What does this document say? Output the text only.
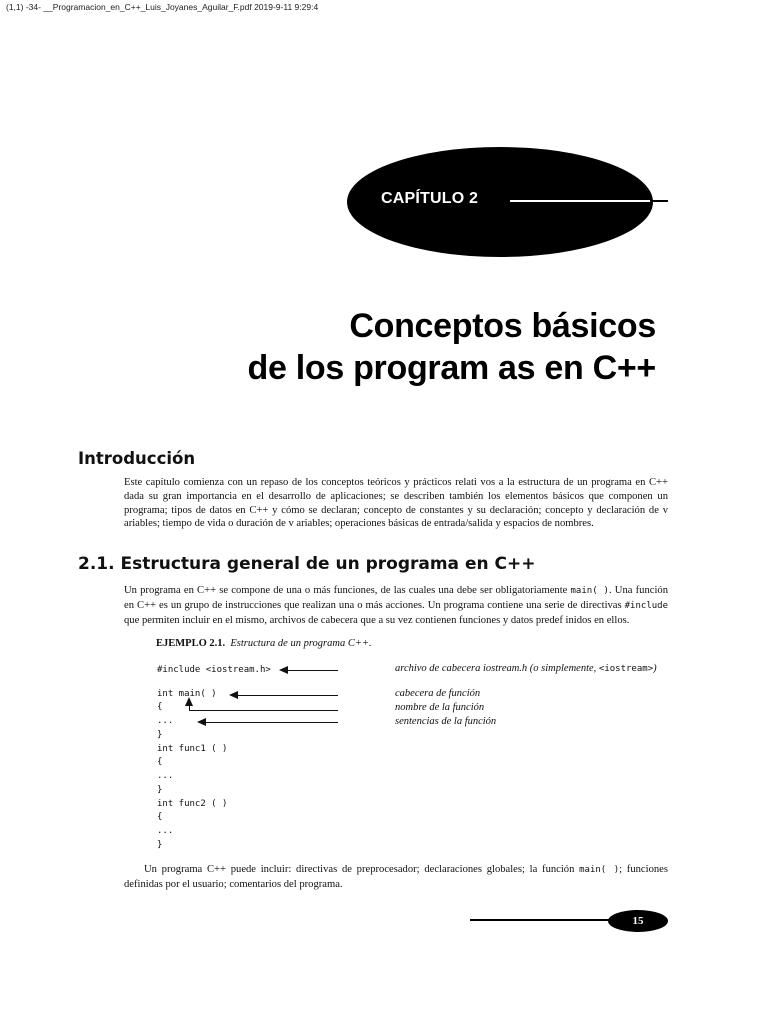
(1,1) -34- __Programacion_en_C++_Luis_Joyanes_Aguilar_F.pdf 2019-9-11 9:29:4
CAPÍTULO 2
Conceptos básicos
de los program as en C++
Introducción
Este capítulo comienza con un repaso de los conceptos teóricos y prácticos relati vos a la estructura de un programa en C++ dada su gran importancia en el desarrollo de aplicaciones; se describen también los elementos básicos que componen un programa; tipos de datos en C++ y cómo se declaran; concepto de constantes y su declaración; concepto y declaración de v ariables; tiempo de vida o duración de v ariables; operaciones básicas de entrada/salida y espacios de nombres.
2.1. Estructura general de un programa en C++
Un programa en C++ se compone de una o más funciones, de las cuales una debe ser obligatoriamente main( ). Una función en C++ es un grupo de instrucciones que realizan una o más acciones. Un programa contiene una serie de directivas #include que permiten incluir en el mismo, archivos de cabecera que a su vez contienen funciones y datos predef inidos en ellos.
EJEMPLO 2.1. Estructura de un programa C++.
#include <iostream.h>
int main( )
{
...
}
int func1 ( )
{
...
}
int func2 ( )
{
...
}
archivo de cabecera iostream.h (o simplemente, <iostream>)
cabecera de función
nombre de la función
sentencias de la función
Un programa C++ puede incluir: directivas de preprocesador; declaraciones globales; la función main( ); funciones definidas por el usuario; comentarios del programa.
15
